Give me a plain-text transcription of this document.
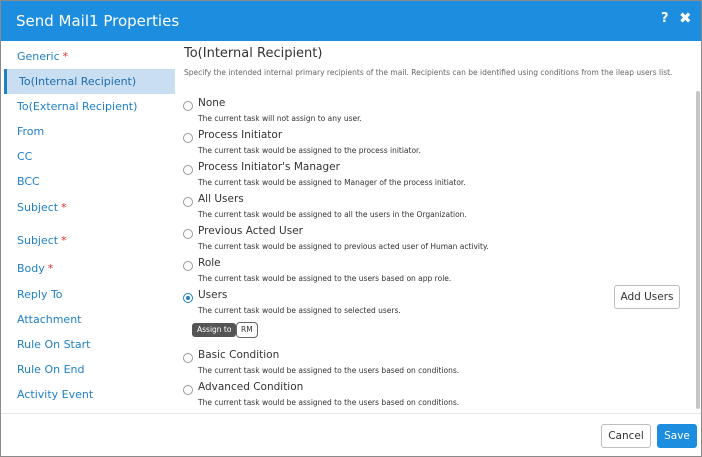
Send Mail1 Properties	? ✖
Generic *
To(Internal Recipient)
To(External Recipient)
From
CC
BCC
Subject *
Subject *
Body *
Reply To
Attachment
Rule On Start
Rule On End
Activity Event
To(Internal Recipient)
Specify the intended internal primary recipients of the mail. Recipients can be identified using conditions from the ileap users list.
None
The current task will not assign to any user.
Process Initiator
The current task would be assigned to the process initiator.
Process Initiator's Manager
The current task would be assigned to Manager of the process initiator.
All Users
The current task would be assigned to all the users in the Organization.
Previous Acted User
The current task would be assigned to previous acted user of Human activity.
Role
The current task would be assigned to the users based on app role.
Users
The current task would be assigned to selected users.
Assign to	RM
Basic Condition
The current task would be assigned to the users based on conditions.
Advanced Condition
The current task would be assigned to the users based on conditions.
Add Users
Cancel	Save
